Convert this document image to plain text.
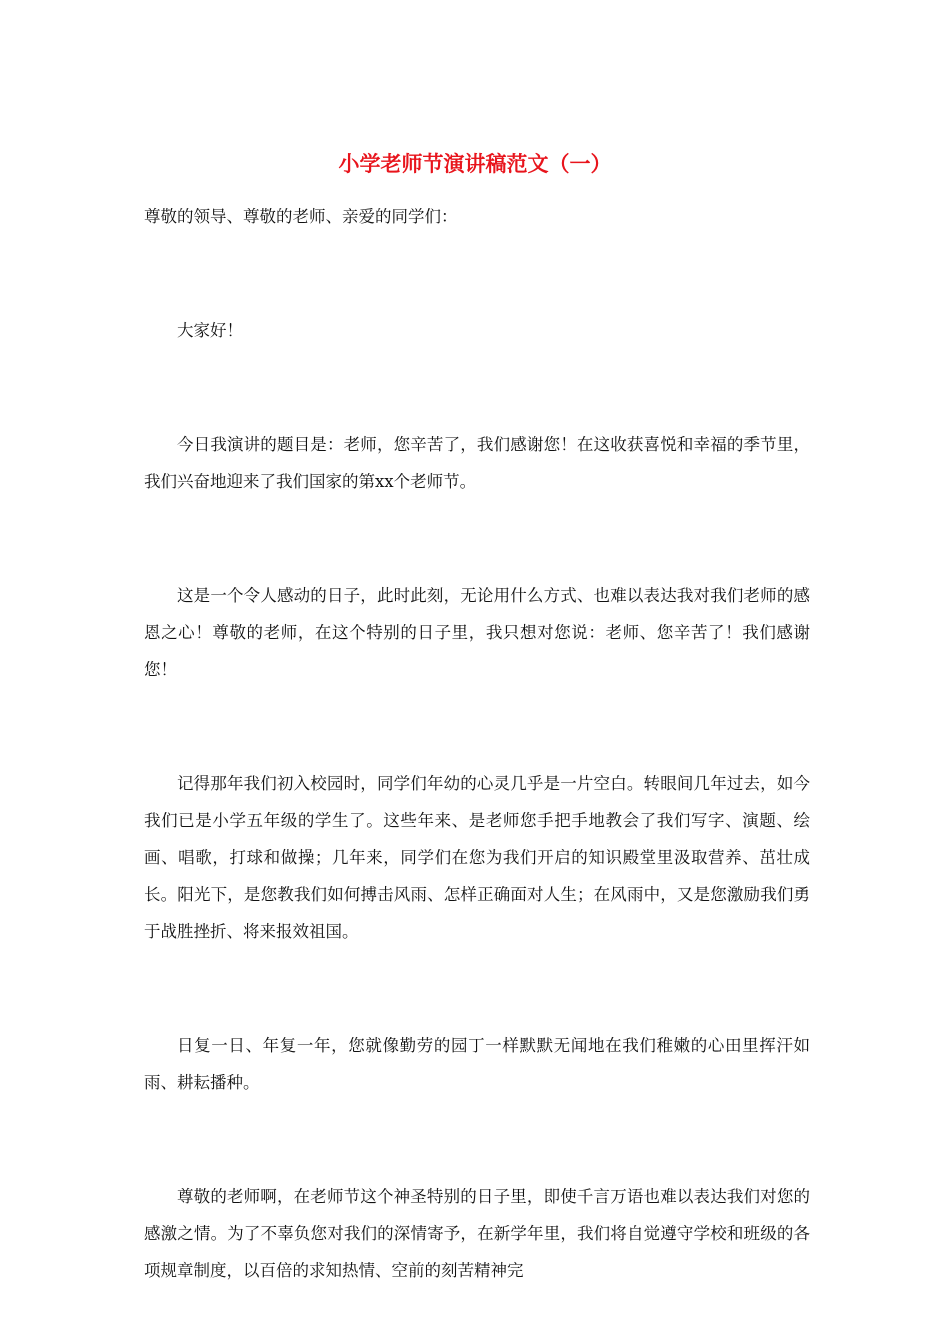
小学老师节演讲稿范文（一）

尊敬的领导、尊敬的老师、亲爱的同学们：

大家好！

今日我演讲的题目是：老师，您辛苦了，我们感谢您！在这收获喜悦和幸福的季节里，我们兴奋地迎来了我们国家的第xx个老师节。

这是一个令人感动的日子，此时此刻，无论用什么方式、也难以表达我对我们老师的感恩之心！尊敬的老师，在这个特别的日子里，我只想对您说：老师、您辛苦了！我们感谢您！

记得那年我们初入校园时，同学们年幼的心灵几乎是一片空白。转眼间几年过去，如今我们已是小学五年级的学生了。这些年来、是老师您手把手地教会了我们写字、演题、绘画、唱歌，打球和做操；几年来，同学们在您为我们开启的知识殿堂里汲取营养、茁壮成长。阳光下，是您教我们如何搏击风雨、怎样正确面对人生；在风雨中，又是您激励我们勇于战胜挫折、将来报效祖国。

日复一日、年复一年，您就像勤劳的园丁一样默默无闻地在我们稚嫩的心田里挥汗如雨、耕耘播种。

尊敬的老师啊，在老师节这个神圣特别的日子里，即使千言万语也难以表达我们对您的感激之情。为了不辜负您对我们的深情寄予，在新学年里，我们将自觉遵守学校和班级的各项规章制度，以百倍的求知热情、空前的刻苦精神完
